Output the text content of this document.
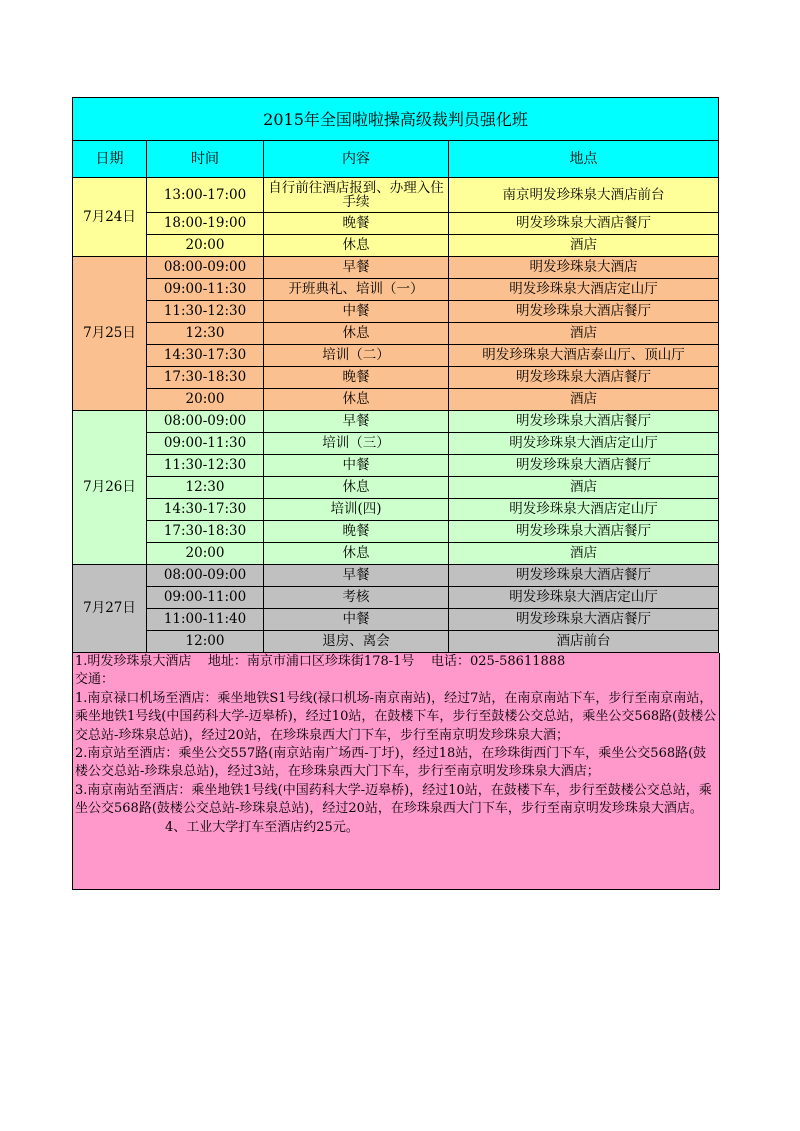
2015年全国啦啦操高级裁判员强化班			
日期	时间	内容	地点
7月24日	13:00-17:00	自行前往酒店报到、办理入住手续	南京明发珍珠泉大酒店前台
	18:00-19:00	晚餐	明发珍珠泉大酒店餐厅
	20:00	休息	酒店
7月25日	08:00-09:00	早餐	明发珍珠泉大酒店
	09:00-11:30	开班典礼、培训（一）	明发珍珠泉大酒店定山厅
	11:30-12:30	中餐	明发珍珠泉大酒店餐厅
	12:30	休息	酒店
	14:30-17:30	培训（二）	明发珍珠泉大酒店泰山厅、顶山厅
	17:30-18:30	晚餐	明发珍珠泉大酒店餐厅
	20:00	休息	酒店
7月26日	08:00-09:00	早餐	明发珍珠泉大酒店餐厅
	09:00-11:30	培训（三）	明发珍珠泉大酒店定山厅
	11:30-12:30	中餐	明发珍珠泉大酒店餐厅
	12:30	休息	酒店
	14:30-17:30	培训(四)	明发珍珠泉大酒店定山厅
	17:30-18:30	晚餐	明发珍珠泉大酒店餐厅
	20:00	休息	酒店
7月27日	08:00-09:00	早餐	明发珍珠泉大酒店餐厅
	09:00-11:00	考核	明发珍珠泉大酒店定山厅
	11:00-11:40	中餐	明发珍珠泉大酒店餐厅
	12:00	退房、离会	酒店前台
1.明发珍珠泉大酒店    地址：南京市浦口区珍珠街178-1号    电话：025-58611888
交通：
1.南京禄口机场至酒店：乘坐地铁S1号线(禄口机场-南京南站)，经过7站，在南京南站下车，步行至南京南站，乘坐地铁1号线(中国药科大学-迈皋桥)，经过10站，在鼓楼下车，步行至鼓楼公交总站，乘坐公交568路(鼓楼公交总站-珍珠泉总站)，经过20站，在珍珠泉西大门下车，步行至南京明发珍珠泉大酒；
2.南京站至酒店：乘坐公交557路(南京站南广场西-丁圩)，经过18站，在珍珠街西门下车，乘坐公交568路(鼓楼公交总站-珍珠泉总站)，经过3站，在珍珠泉西大门下车，步行至南京明发珍珠泉大酒店；
3.南京南站至酒店：乘坐地铁1号线(中国药科大学-迈皋桥)，经过10站，在鼓楼下车，步行至鼓楼公交总站，乘坐公交568路(鼓楼公交总站-珍珠泉总站)，经过20站，在珍珠泉西大门下车，步行至南京明发珍珠泉大酒店。4、工业大学打车至酒店约25元。
